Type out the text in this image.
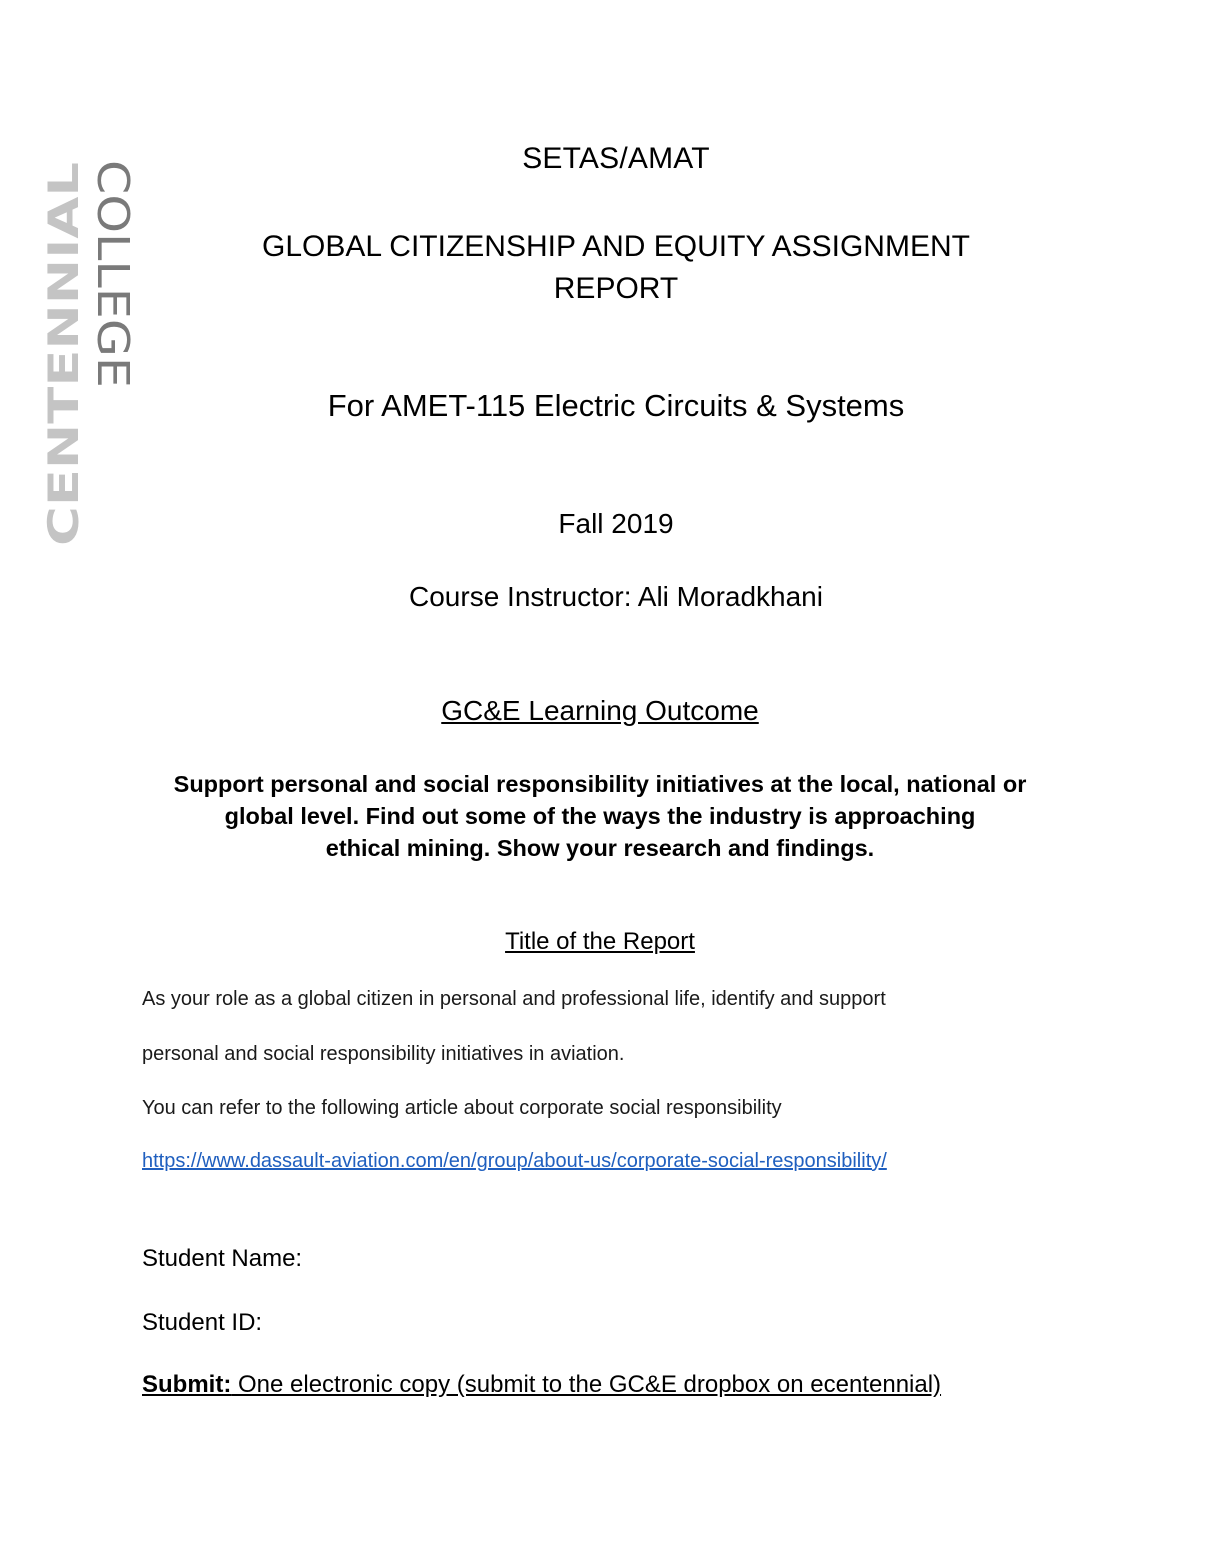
CENTENNIAL COLLEGE
SETAS/AMAT
GLOBAL CITIZENSHIP AND EQUITY ASSIGNMENT
REPORT
For AMET-115 Electric Circuits & Systems
Fall 2019
Course Instructor: Ali Moradkhani
GC&E Learning Outcome
Support personal and social responsibility initiatives at the local, national or
global level. Find out some of the ways the industry is approaching
ethical mining. Show your research and findings.
Title of the Report

As your role as a global citizen in personal and professional life, identify and support

personal and social responsibility initiatives in aviation.

You can refer to the following article about corporate social responsibility

https://www.dassault-aviation.com/en/group/about-us/corporate-social-responsibility/
Student Name:
Student ID:
Submit: One electronic copy (submit to the GC&E dropbox on ecentennial)
